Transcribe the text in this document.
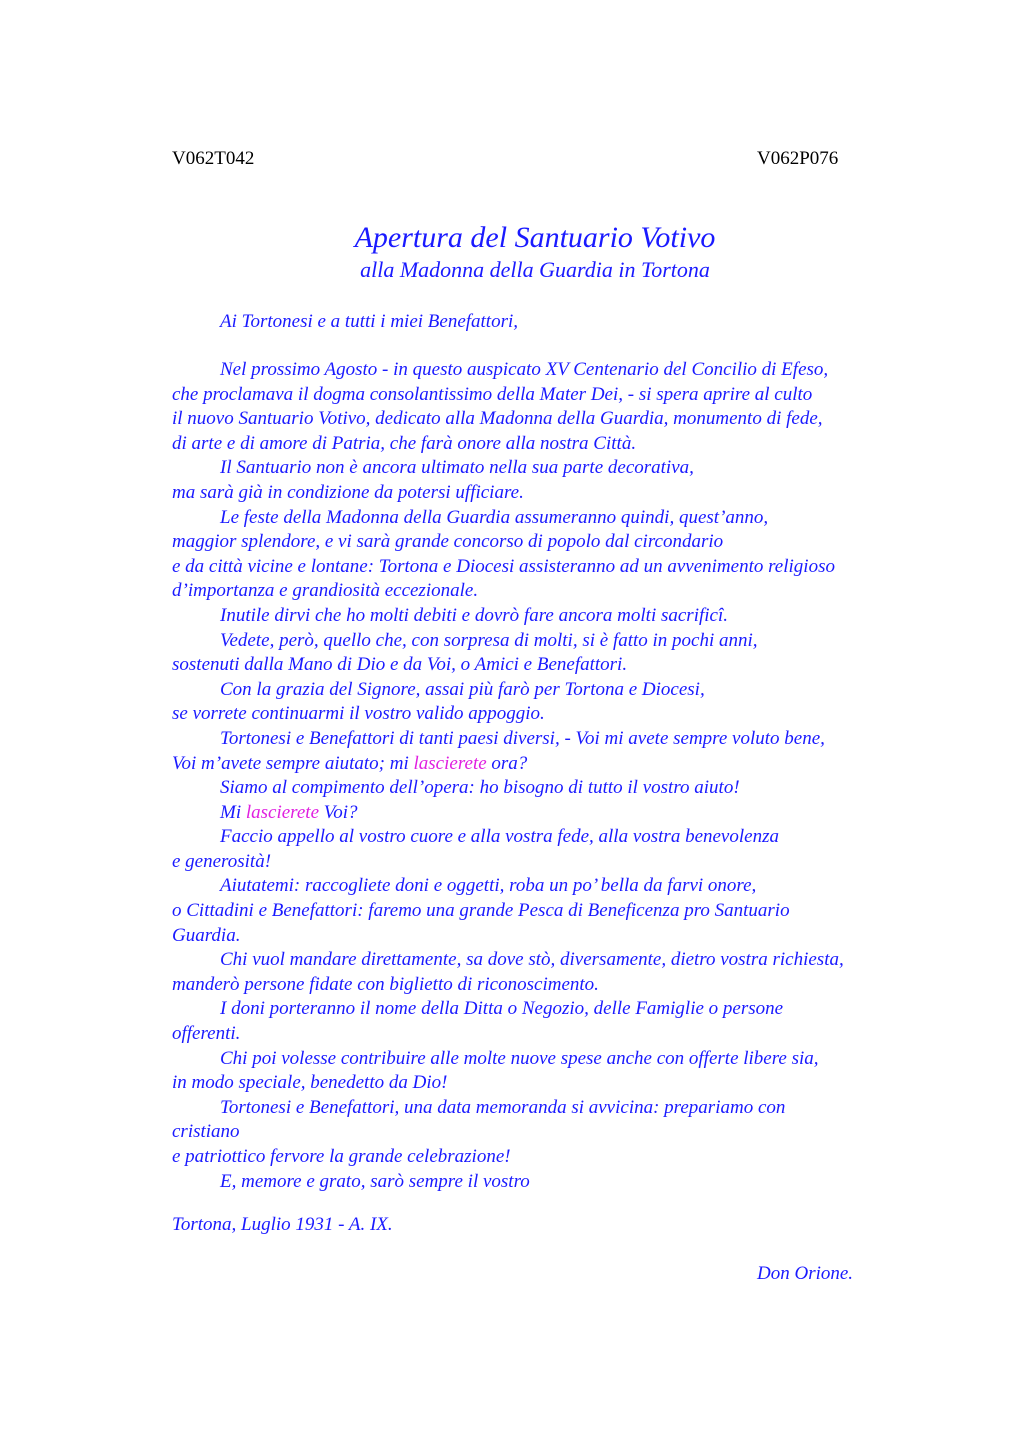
V062T042	V062P076
Apertura del Santuario Votivo
alla Madonna della Guardia in Tortona
Ai Tortonesi e a tutti i miei Benefattori,
Nel prossimo Agosto - in questo auspicato XV Centenario del Concilio di Efeso,
che proclamava il dogma consolantissimo della Mater Dei, - si spera aprire al culto
il nuovo Santuario Votivo, dedicato alla Madonna della Guardia, monumento di fede,
di arte e di amore di Patria, che farà onore alla nostra Città.
Il Santuario non è ancora ultimato nella sua parte decorativa,
ma sarà già in condizione da potersi ufficiare.
Le feste della Madonna della Guardia assumeranno quindi, quest’anno,
maggior splendore, e vi sarà grande concorso di popolo dal circondario
e da città vicine e lontane: Tortona e Diocesi assisteranno ad un avvenimento religioso
d’importanza e grandiosità eccezionale.
Inutile dirvi che ho molti debiti e dovrò fare ancora molti sacrificî.
Vedete, però, quello che, con sorpresa di molti, si è fatto in pochi anni,
sostenuti dalla Mano di Dio e da Voi, o Amici e Benefattori.
Con la grazia del Signore, assai più farò per Tortona e Diocesi,
se vorrete continuarmi il vostro valido appoggio.
Tortonesi e Benefattori di tanti paesi diversi, - Voi mi avete sempre voluto bene,
Voi m’avete sempre aiutato; mi lascierete ora?
Siamo al compimento dell’opera: ho bisogno di tutto il vostro aiuto!
Mi lascierete Voi?
Faccio appello al vostro cuore e alla vostra fede, alla vostra benevolenza
e generosità!
Aiutatemi: raccogliete doni e oggetti, roba un po’ bella da farvi onore,
o Cittadini e Benefattori: faremo una grande Pesca di Beneficenza pro Santuario
Guardia.
Chi vuol mandare direttamente, sa dove stò, diversamente, dietro vostra richiesta,
manderò persone fidate con biglietto di riconoscimento.
I doni porteranno il nome della Ditta o Negozio, delle Famiglie o persone
offerenti.
Chi poi volesse contribuire alle molte nuove spese anche con offerte libere sia,
in modo speciale, benedetto da Dio!
Tortonesi e Benefattori, una data memoranda si avvicina: prepariamo con
cristiano
e patriottico fervore la grande celebrazione!
E, memore e grato, sarò sempre il vostro
Tortona, Luglio 1931 - A. IX.
Don Orione.
